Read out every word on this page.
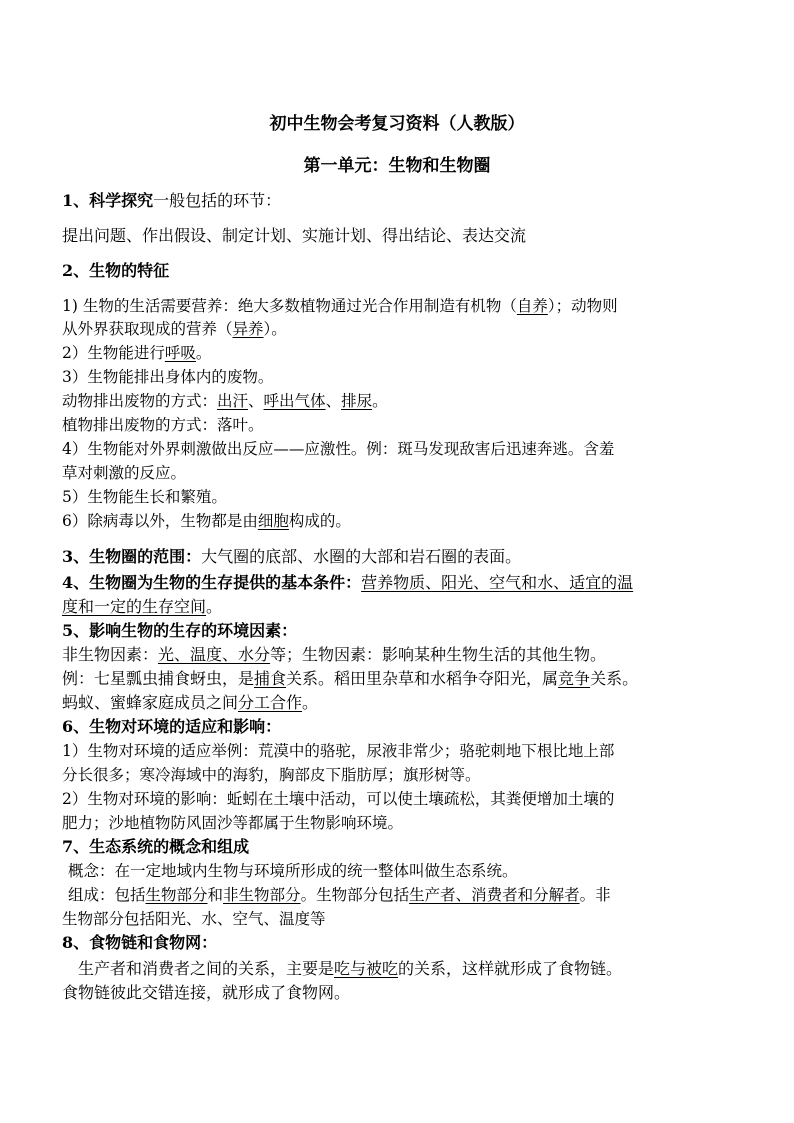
初中生物会考复习资料（人教版）
第一单元：生物和生物圈
1、科学探究一般包括的环节：
提出问题、作出假设、制定计划、实施计划、得出结论、表达交流
2、生物的特征
1) 生物的生活需要营养：绝大多数植物通过光合作用制造有机物（自养）；动物则
从外界获取现成的营养（异养）。
2）生物能进行呼吸。
3）生物能排出身体内的废物。
动物排出废物的方式：出汗、呼出气体、排尿。
植物排出废物的方式：落叶。
4）生物能对外界刺激做出反应——应激性。例：斑马发现敌害后迅速奔逃。含羞
草对刺激的反应。
5）生物能生长和繁殖。
6）除病毒以外，生物都是由细胞构成的。
3、生物圈的范围：大气圈的底部、水圈的大部和岩石圈的表面。
4、生物圈为生物的生存提供的基本条件：营养物质、阳光、空气和水、适宜的温
度和一定的生存空间。
5、影响生物的生存的环境因素：
非生物因素：光、温度、水分等；生物因素：影响某种生物生活的其他生物。
例：七星瓢虫捕食蚜虫，是捕食关系。稻田里杂草和水稻争夺阳光，属竞争关系。
蚂蚁、蜜蜂家庭成员之间分工合作。
6、生物对环境的适应和影响：
1）生物对环境的适应举例：荒漠中的骆驼，尿液非常少；骆驼刺地下根比地上部
分长很多；寒冷海域中的海豹，胸部皮下脂肪厚；旗形树等。
2）生物对环境的影响：蚯蚓在土壤中活动，可以使土壤疏松，其粪便增加土壤的
肥力；沙地植物防风固沙等都属于生物影响环境。
7、生态系统的概念和组成
概念：在一定地域内生物与环境所形成的统一整体叫做生态系统。
组成：包括生物部分和非生物部分。生物部分包括生产者、消费者和分解者。非
生物部分包括阳光、水、空气、温度等
8、食物链和食物网：
生产者和消费者之间的关系，主要是吃与被吃的关系，这样就形成了食物链。
食物链彼此交错连接，就形成了食物网。
